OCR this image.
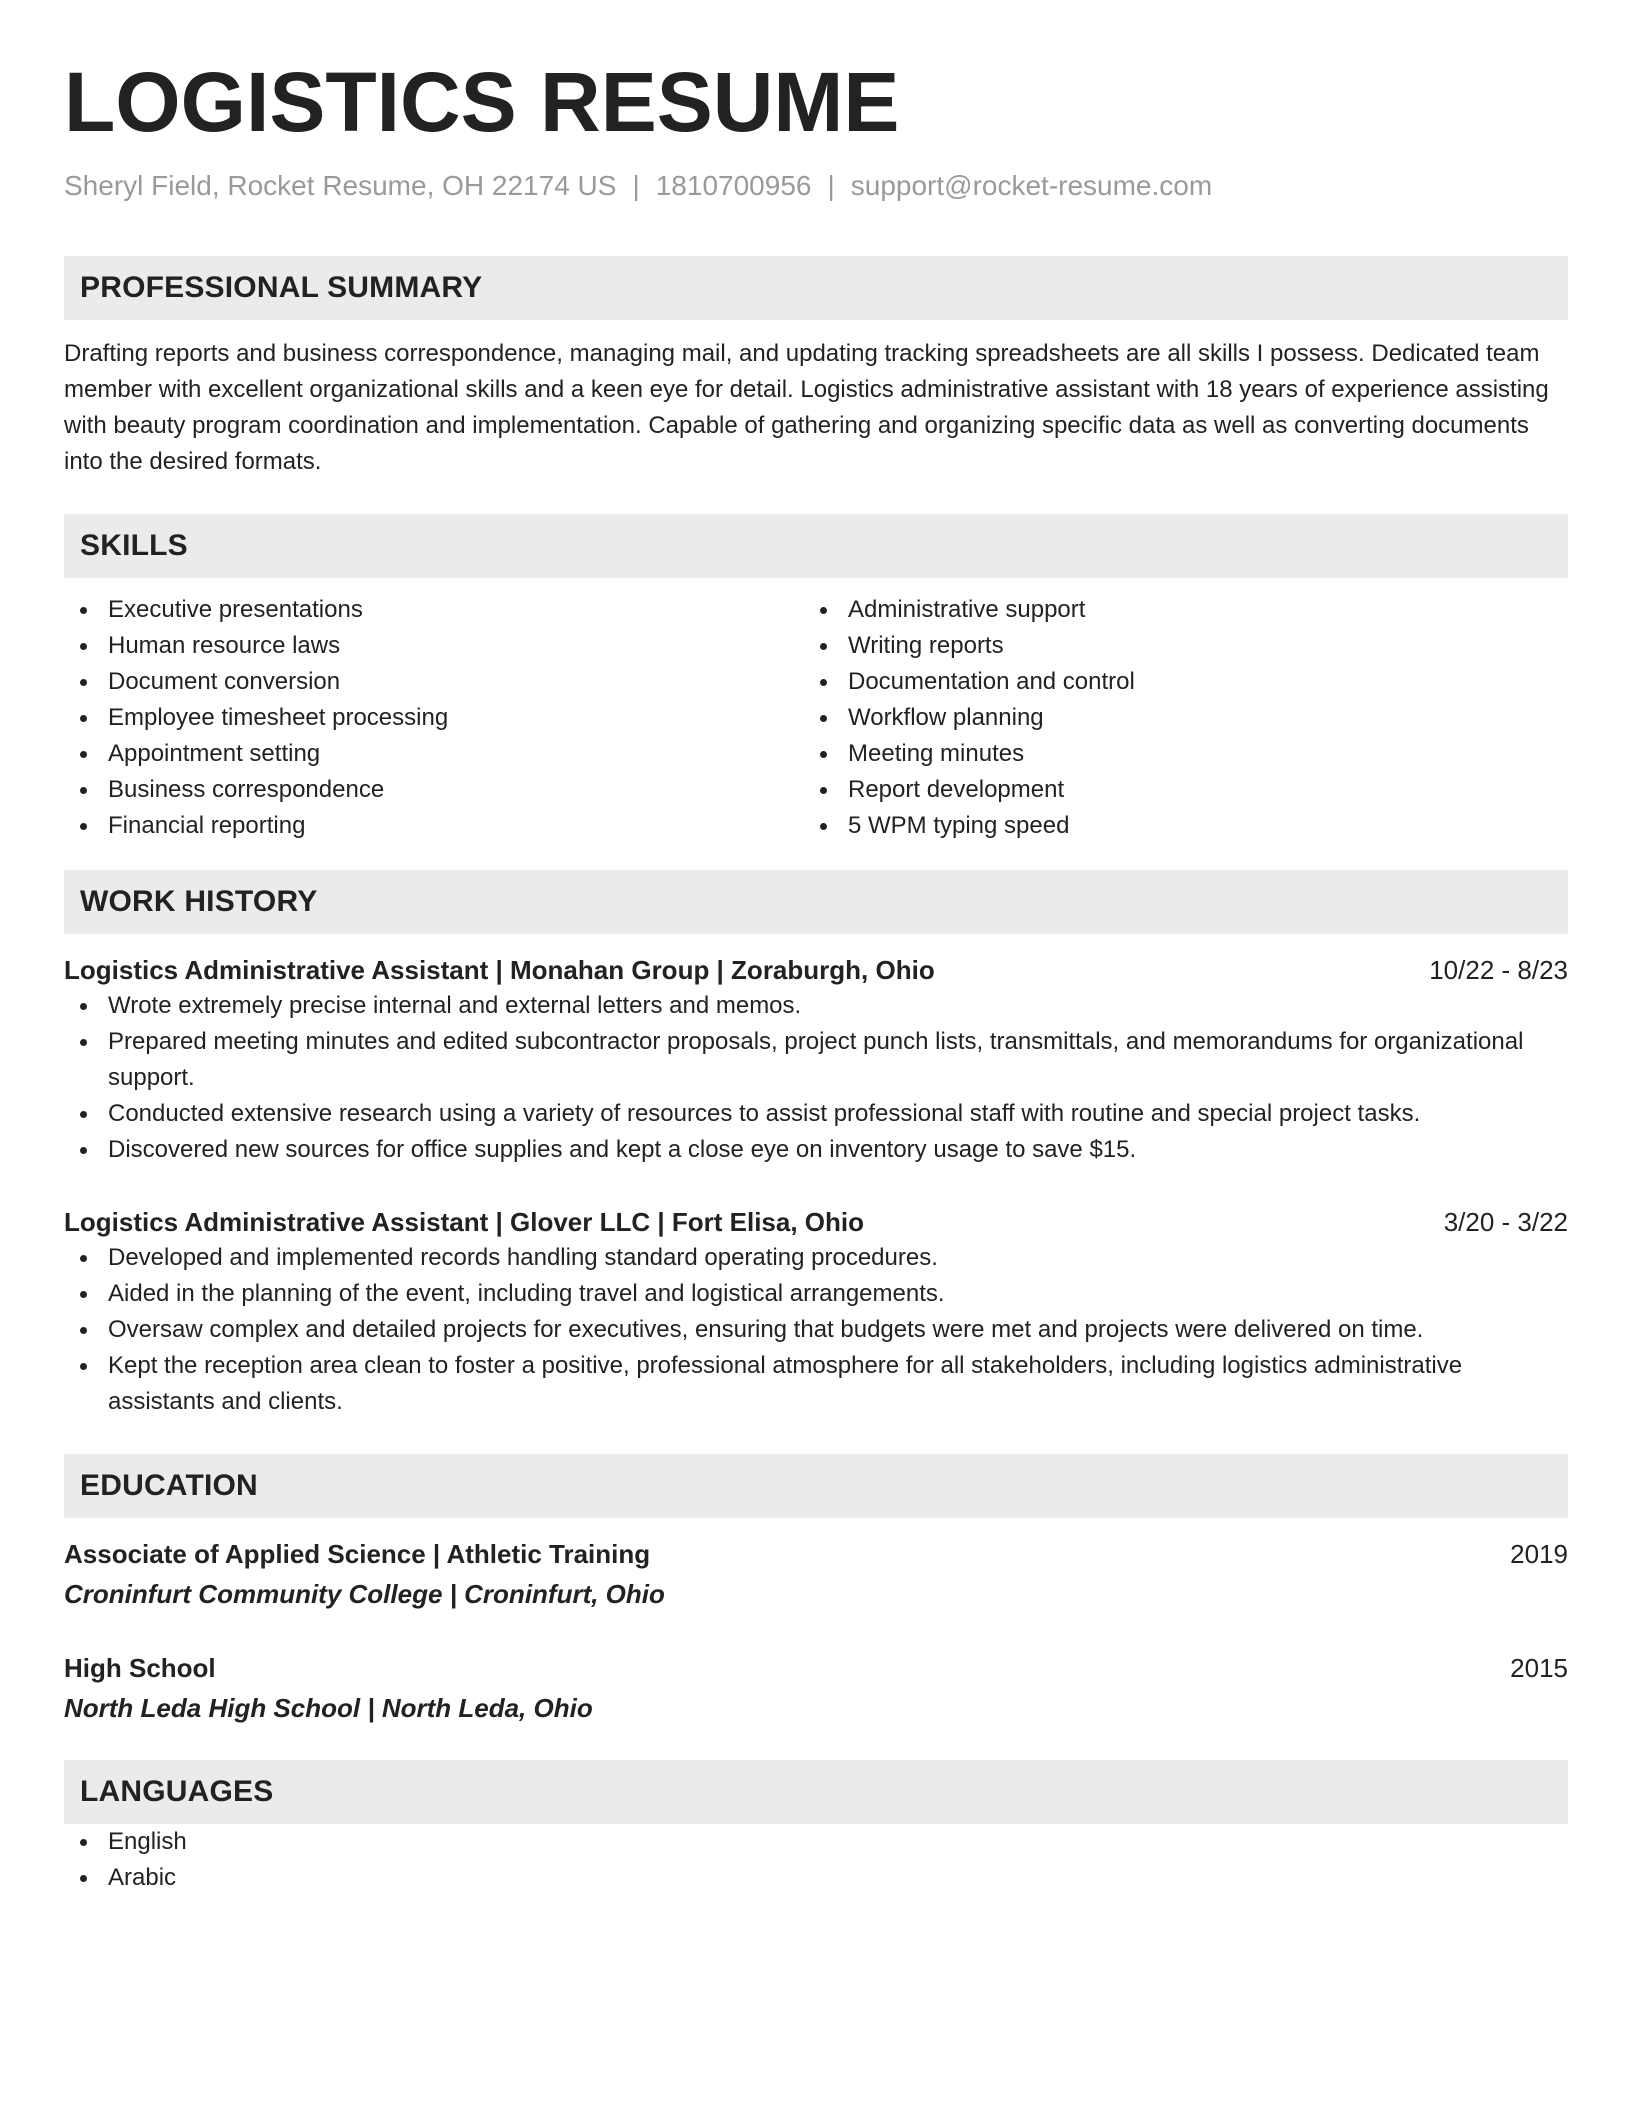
LOGISTICS RESUME
Sheryl Field, Rocket Resume, OH 22174 US | 1810700956 | support@rocket-resume.com
PROFESSIONAL SUMMARY
Drafting reports and business correspondence, managing mail, and updating tracking spreadsheets are all skills I possess. Dedicated team member with excellent organizational skills and a keen eye for detail. Logistics administrative assistant with 18 years of experience assisting with beauty program coordination and implementation. Capable of gathering and organizing specific data as well as converting documents into the desired formats.
SKILLS
Executive presentations
Human resource laws
Document conversion
Employee timesheet processing
Appointment setting
Business correspondence
Financial reporting
Administrative support
Writing reports
Documentation and control
Workflow planning
Meeting minutes
Report development
5 WPM typing speed
WORK HISTORY
Logistics Administrative Assistant | Monahan Group | Zoraburgh, Ohio	10/22 - 8/23
Wrote extremely precise internal and external letters and memos.
Prepared meeting minutes and edited subcontractor proposals, project punch lists, transmittals, and memorandums for organizational support.
Conducted extensive research using a variety of resources to assist professional staff with routine and special project tasks.
Discovered new sources for office supplies and kept a close eye on inventory usage to save $15.
Logistics Administrative Assistant | Glover LLC | Fort Elisa, Ohio	3/20 - 3/22
Developed and implemented records handling standard operating procedures.
Aided in the planning of the event, including travel and logistical arrangements.
Oversaw complex and detailed projects for executives, ensuring that budgets were met and projects were delivered on time.
Kept the reception area clean to foster a positive, professional atmosphere for all stakeholders, including logistics administrative assistants and clients.
EDUCATION
Associate of Applied Science | Athletic Training	2019
Croninfurt Community College | Croninfurt, Ohio
High School	2015
North Leda High School | North Leda, Ohio
LANGUAGES
English
Arabic
